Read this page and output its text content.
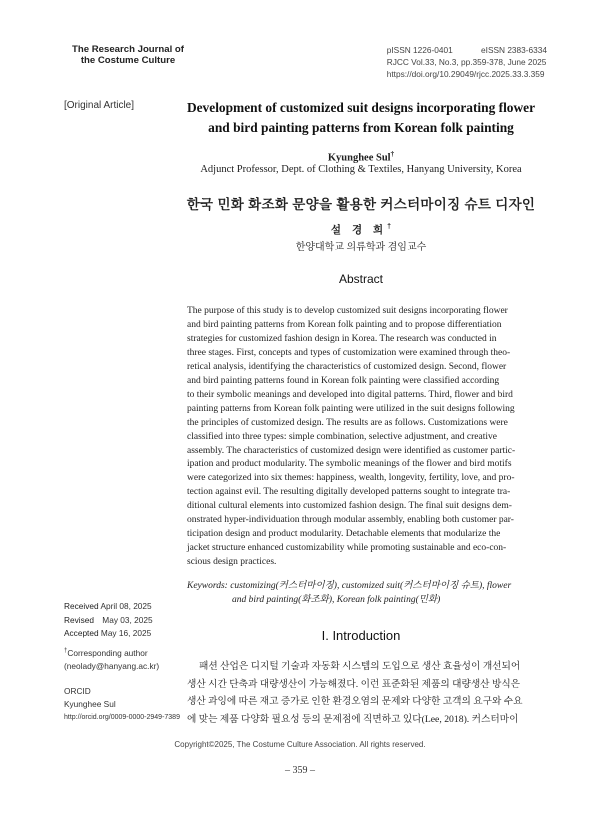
The Research Journal of
the Costume Culture
pISSN 1226-0401	eISSN 2383-6334
RJCC Vol.33, No.3, pp.359-378, June 2025
https://doi.org/10.29049/rjcc.2025.33.3.359
[Original Article]	Development of customized suit designs incorporating flower
and bird painting patterns from Korean folk painting
Kyunghee Sul†
Adjunct Professor, Dept. of Clothing & Textiles, Hanyang University, Korea
한국 민화 화조화 문양을 활용한 커스터마이징 슈트 디자인
설 경 희†
한양대학교 의류학과 겸임교수
Abstract
The purpose of this study is to develop customized suit designs incorporating flower
and bird painting patterns from Korean folk painting and to propose differentiation
strategies for customized fashion design in Korea. The research was conducted in
three stages. First, concepts and types of customization were examined through theo-
retical analysis, identifying the characteristics of customized design. Second, flower
and bird painting patterns found in Korean folk painting were classified according
to their symbolic meanings and developed into digital patterns. Third, flower and bird
painting patterns from Korean folk painting were utilized in the suit designs following
the principles of customized design. The results are as follows. Customizations were
classified into three types: simple combination, selective adjustment, and creative
assembly. The characteristics of customized design were identified as customer partic-
ipation and product modularity. The symbolic meanings of the flower and bird motifs
were categorized into six themes: happiness, wealth, longevity, fertility, love, and pro-
tection against evil. The resulting digitally developed patterns sought to integrate tra-
ditional cultural elements into customized fashion design. The final suit designs dem-
onstrated hyper-individuation through modular assembly, enabling both customer par-
ticipation design and product modularity. Detachable elements that modularize the
jacket structure enhanced customizability while promoting sustainable and eco-con-
scious design practices.
Keywords: customizing(커스터마이징), customized suit(커스터마이징 슈트), flower
and bird painting(화조화), Korean folk painting(민화)
Received April 08, 2025
Revised May 03, 2025
Accepted May 16, 2025
†Corresponding author
(neolady@hanyang.ac.kr)
ORCID
Kyunghee Sul
http://orcid.org/0009-0000-2949-7389
I. Introduction
패션 산업은 디지털 기술과 자동화 시스템의 도입으로 생산 효율성이 개선되어
생산 시간 단축과 대량생산이 가능해졌다. 이런 표준화된 제품의 대량생산 방식은
생산 과잉에 따른 재고 증가로 인한 환경오염의 문제와 다양한 고객의 요구와 수요
에 맞는 제품 다양화 필요성 등의 문제점에 직면하고 있다(Lee, 2018). 커스터마이
Copyright©2025, The Costume Culture Association. All rights reserved.
– 359 –
